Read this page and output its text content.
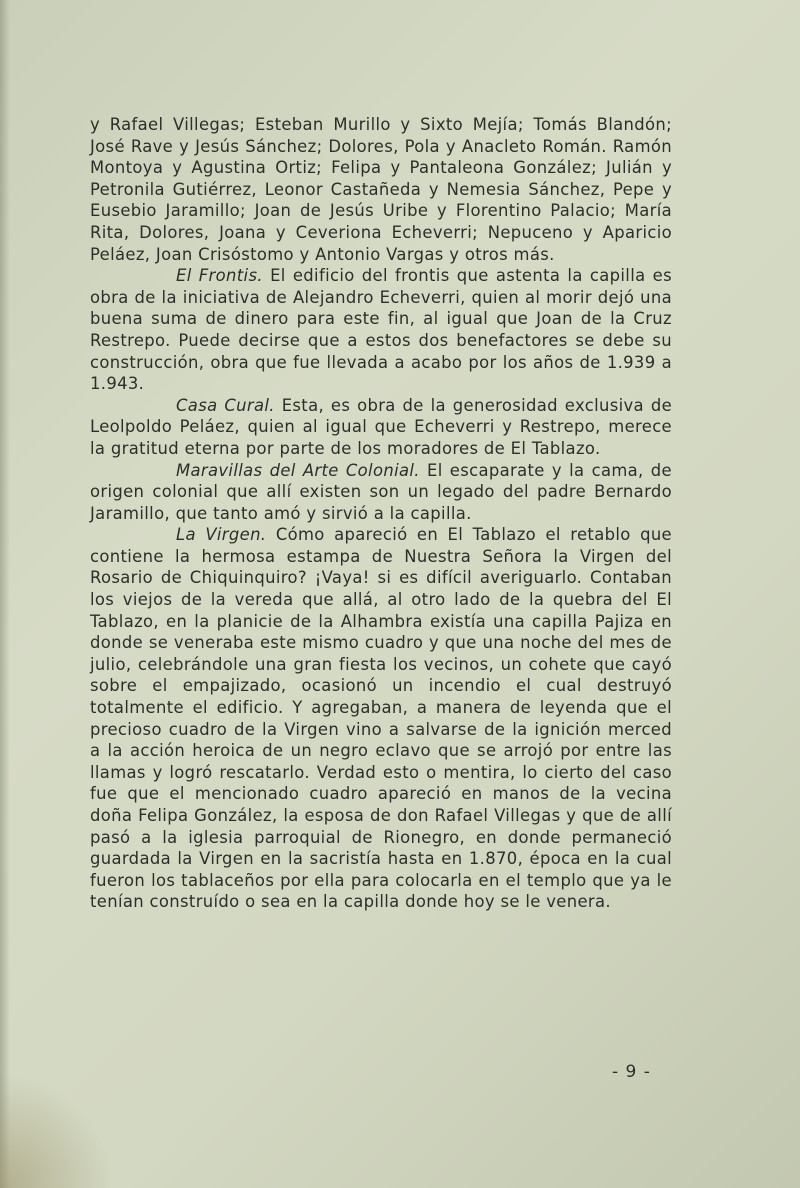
y Rafael Villegas; Esteban Murillo y Sixto Mejía; Tomás Blandón; José Rave y Jesús Sánchez; Dolores, Pola y Anacleto Román. Ramón Montoya y Agustina Ortiz; Felipa y Pantaleona González; Julián y Petronila Gutiérrez, Leonor Castañeda y Nemesia Sánchez, Pepe y Eusebio Jaramillo; Joan de Jesús Uribe y Florentino Palacio; María Rita, Dolores, Joana y Ceveriona Echeverri; Nepuceno y Aparicio Peláez, Joan Crisóstomo y Antonio Vargas y otros más.

El Frontis. El edificio del frontis que astenta la capilla es obra de la iniciativa de Alejandro Echeverri, quien al morir dejó una buena suma de dinero para este fin, al igual que Joan de la Cruz Restrepo. Puede decirse que a estos dos benefactores se debe su construcción, obra que fue llevada a acabo por los años de 1.939 a 1.943.

Casa Cural. Esta, es obra de la generosidad exclusiva de Leolpoldo Peláez, quien al igual que Echeverri y Restrepo, merece la gratitud eterna por parte de los moradores de El Tablazo.

Maravillas del Arte Colonial. El escaparate y la cama, de origen colonial que allí existen son un legado del padre Bernardo Jaramillo, que tanto amó y sirvió a la capilla.

La Virgen. Cómo apareció en El Tablazo el retablo que contiene la hermosa estampa de Nuestra Señora la Virgen del Rosario de Chiquinquiro? ¡Vaya! si es difícil averiguarlo. Contaban los viejos de la vereda que allá, al otro lado de la quebra del El Tablazo, en la planicie de la Alhambra existía una capilla Pajiza en donde se veneraba este mismo cuadro y que una noche del mes de julio, celebrándole una gran fiesta los vecinos, un cohete que cayó sobre el empajizado, ocasionó un incendio el cual destruyó totalmente el edificio. Y agregaban, a manera de leyenda que el precioso cuadro de la Virgen vino a salvarse de la ignición merced a la acción heroica de un negro eclavo que se arrojó por entre las llamas y logró rescatarlo. Verdad esto o mentira, lo cierto del caso fue que el mencionado cuadro apareció en manos de la vecina doña Felipa González, la esposa de don Rafael Villegas y que de allí pasó a la iglesia parroquial de Rionegro, en donde permaneció guardada la Virgen en la sacristía hasta en 1.870, época en la cual fueron los tablaceños por ella para colocarla en el templo que ya le tenían construído o sea en la capilla donde hoy se le venera.

- 9 -
